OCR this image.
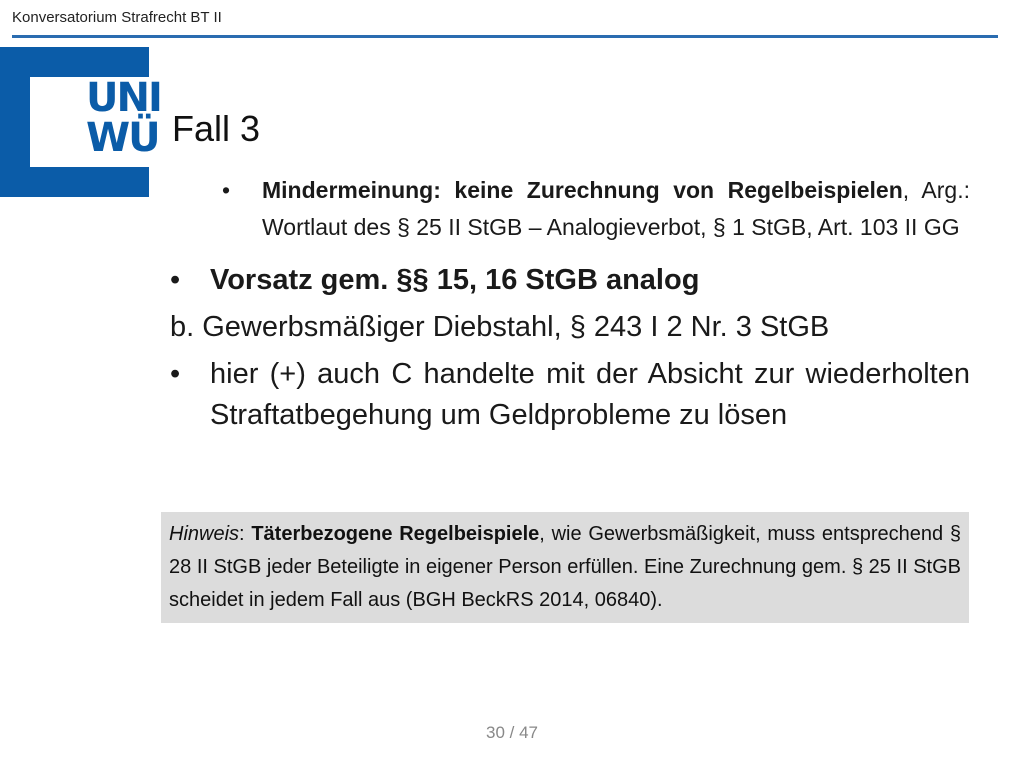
Konversatorium Strafrecht BT II
UNI
WÜ Fall 3
• Mindermeinung: keine Zurechnung von Regelbeispielen, Arg.: Wortlaut des § 25 II StGB – Analogieverbot, § 1 StGB, Art. 103 II GG
• Vorsatz gem. §§ 15, 16 StGB analog
b. Gewerbsmäßiger Diebstahl, § 243 I 2 Nr. 3 StGB
• hier (+) auch C handelte mit der Absicht zur wiederholten Straftatbegehung um Geldprobleme zu lösen
Hinweis: Täterbezogene Regelbeispiele, wie Gewerbsmäßigkeit, muss entsprechend § 28 II StGB jeder Beteiligte in eigener Person erfüllen. Eine Zurechnung gem. § 25 II StGB scheidet in jedem Fall aus (BGH BeckRS 2014, 06840).
30 / 47
